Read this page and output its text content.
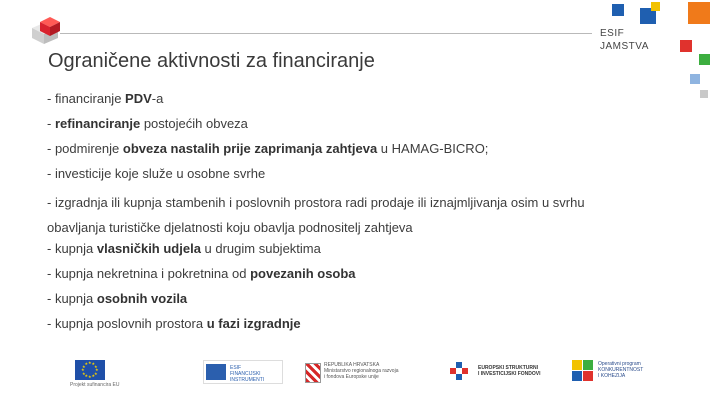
ESIF
JAMSTVA
Ograničene aktivnosti za financiranje
- financiranje PDV-a
- refinanciranje postojećih obveza
- podmirenje obveza nastalih prije zaprimanja zahtjeva u HAMAG-BICRO;
- investicije koje služe u osobne svrhe
- izgradnja ili kupnja stambenih i poslovnih prostora radi prodaje ili iznajmljivanja osim u svrhu obavljanja turističke djelatnosti koju obavlja podnositelj zahtjeva
- kupnja vlasničkih udjela u drugim subjektima
- kupnja nekretnina i pokretnina od povezanih osoba
- kupnja osobnih vozila
- kupnja poslovnih prostora u fazi izgradnje
★
★
★
★
★
★
★
★
★ ★ ★
★
Projekt sufinancira EU
ESIF
FINANCIJSKI
INSTRUMENTI
REPUBLIKA HRVATSKA
Ministarstvo regionalnoga razvoja
i fondova Europske unije
EUROPSKI STRUKTURNI
I INVESTICIJSKI FONDOVI
Operativni program
KONKURENTNOST
I KOHEZIJA
